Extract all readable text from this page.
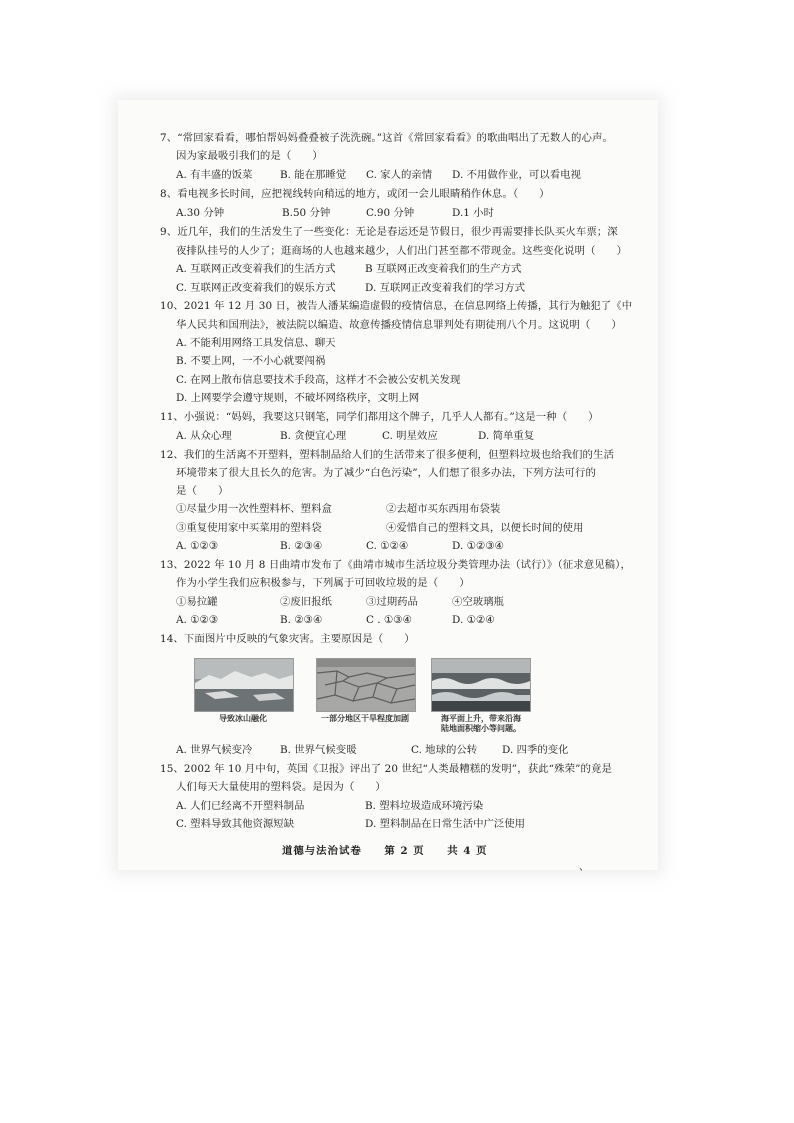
7、“常回家看看，哪怕帮妈妈叠叠被子洗洗碗。”这首《常回家看看》的歌曲唱出了无数人的心声。
因为家最吸引我们的是（　　）
A. 有丰盛的饭菜	B. 能在那睡觉 C. 家人的亲情 D. 不用做作业，可以看电视
8、看电视多长时间，应把视线转向稍远的地方，或闭一会儿眼睛稍作休息。（　　）
A.30 分钟	B.50 分钟	C.90 分钟	D.1 小时
9、近几年，我们的生活发生了一些变化：无论是春运还是节假日，很少再需要排长队买火车票；深
夜排队挂号的人少了；逛商场的人也越来越少，人们出门甚至都不带现金。这些变化说明（　　）
A. 互联网正改变着我们的生活方式	B 互联网正改变着我们的生产方式
C. 互联网正改变着我们的娱乐方式	D. 互联网正改变着我们的学习方式
10、2021 年 12 月 30 日，被告人潘某编造虚假的疫情信息，在信息网络上传播，其行为触犯了《中
华人民共和国刑法》，被法院以编造、故意传播疫情信息罪判处有期徒刑八个月。这说明（　　）
A. 不能利用网络工具发信息、聊天
B. 不要上网，一不小心就要闯祸
C. 在网上散布信息要技术手段高，这样才不会被公安机关发现
D. 上网要学会遵守规则，不破坏网络秩序，文明上网
11、小强说：“妈妈，我要这只钢笔，同学们都用这个牌子，几乎人人都有。”这是一种（　　）
A. 从众心理	B. 贪便宜心理	C. 明星效应	D. 简单重复
12、我们的生活离不开塑料，塑料制品给人们的生活带来了很多便利，但塑料垃圾也给我们的生活
环境带来了很大且长久的危害。为了减少“白色污染”，人们想了很多办法，下列方法可行的
是（　　）
①尽量少用一次性塑料杯、塑料盒	②去超市买东西用布袋装
③重复使用家中买菜用的塑料袋	④爱惜自己的塑料文具，以便长时间的使用
A. ①②③	B. ②③④	C. ①②④	D. ①②③④
13、2022 年 10 月 8 日曲靖市发布了《曲靖市城市生活垃圾分类管理办法（试行）》（征求意见稿），
作为小学生我们应积极参与，下列属于可回收垃圾的是（　　）
①易拉罐	②废旧报纸	③过期药品	④空玻璃瓶
A. ①②③	B. ②③④	C . ①③④	D. ①②④
14、下面图片中反映的气象灾害。主要原因是（　　）
导致冰山融化	一部分地区干旱程度加剧	海平面上升，带来沿海
陆地面积缩小等问题。
A. 世界气候变冷	B. 世界气候变暖	C. 地球的公转 D. 四季的变化
15、2002 年 10 月中旬，英国《卫报》评出了 20 世纪“人类最糟糕的发明”，获此“殊荣”的竟是
人们每天大量使用的塑料袋。是因为（　　）
A. 人们已经离不开塑料制品	B. 塑料垃圾造成环境污染
C. 塑料导致其他资源短缺	D. 塑料制品在日常生活中广泛使用
道德与法治试卷 第 2 页 共 4 页
、
